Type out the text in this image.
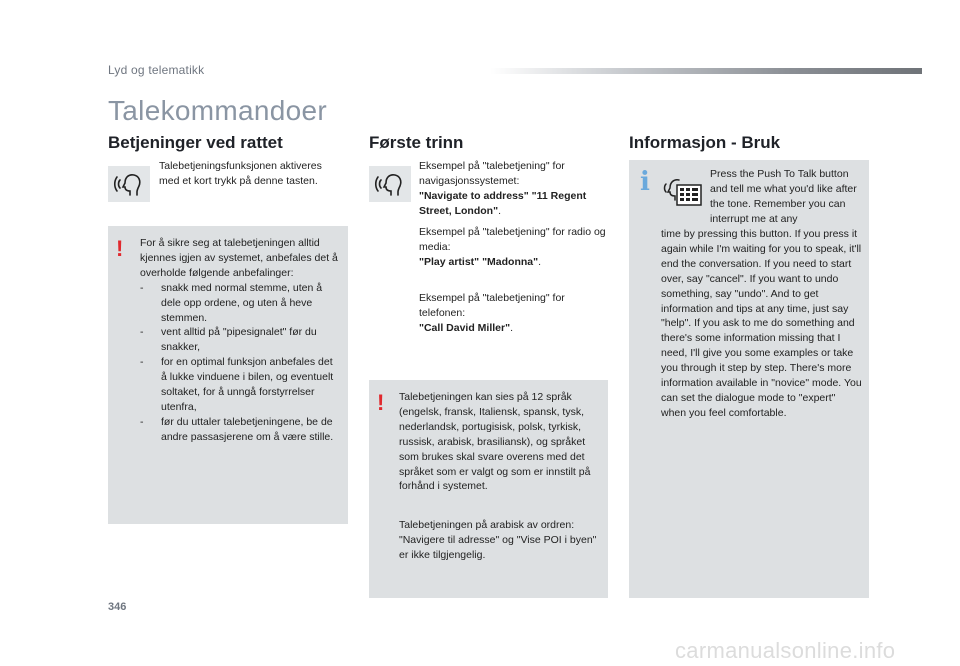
Lyd og telematikk
Talekommandoer
Betjeninger ved rattet	Første trinn	Informasjon - Bruk

Talebetjeningsfunksjonen aktiveres med et kort trykk på denne tasten.

! For å sikre seg at talebetjeningen alltid kjennes igjen av systemet, anbefales det å overholde følgende anbefalinger:

- snakk med normal stemme, uten å dele opp ordene, og uten å heve stemmen.
- vent alltid på "pipesignalet" før du snakker,
- for en optimal funksjon anbefales det å lukke vinduene i bilen, og eventuelt soltaket, for å unngå forstyrrelser utenfra,
- før du uttaler talebetjeningene, be de andre passasjerene om å være stille.

Eksempel på "talebetjening" for navigasjonssystemet:

"Navigate to address" "11 Regent Street, London".

Eksempel på "talebetjening" for radio og media:

"Play artist" "Madonna".

Eksempel på "talebetjening" for telefonen:

"Call David Miller".

! Talebetjeningen kan sies på 12 språk (engelsk, fransk, Italiensk, spansk, tysk, nederlandsk, portugisisk, polsk, tyrkisk, russisk, arabisk, brasiliansk), og språket som brukes skal svare overens med det språket som er valgt og som er innstilt på forhånd i systemet.

Talebetjeningen på arabisk av ordren: "Navigere til adresse" og "Vise POI i byen" er ikke tilgjengelig.

i	Press the Push To Talk button and tell me what you'd like after the tone. Remember you can interrupt me at any

time by pressing this button. If you press it again while I'm waiting for you to speak, it'll end the conversation. If you need to start over, say "cancel". If you want to undo something, say "undo". And to get information and tips at any time, just say "help". If you ask to me do something and there's some information missing that I need, I'll give you some examples or take you through it step by step. There's more information available in "novice" mode. You can set the dialogue mode to "expert" when you feel comfortable.

346
carmanualsonline.info
